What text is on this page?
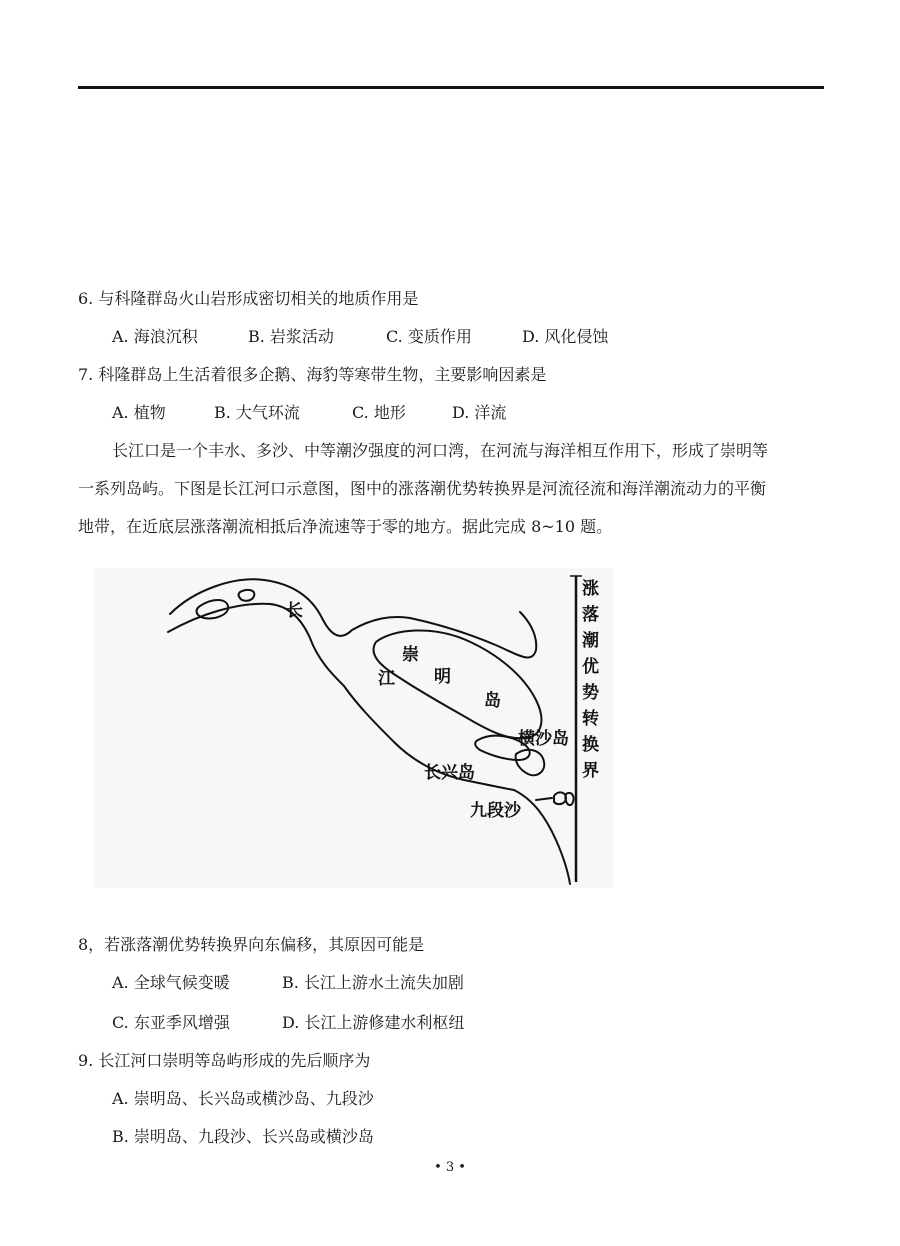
6. 与科隆群岛火山岩形成密切相关的地质作用是
A. 海浪沉积	B. 岩浆活动	C. 变质作用	D. 风化侵蚀
7. 科隆群岛上生活着很多企鹅、海豹等寒带生物，主要影响因素是
A. 植物	B. 大气环流	C. 地形	D. 洋流
长江口是一个丰水、多沙、中等潮汐强度的河口湾，在河流与海洋相互作用下，形成了崇明等
一系列岛屿。下图是长江河口示意图，图中的涨落潮优势转换界是河流径流和海洋潮流动力的平衡
地带，在近底层涨落潮流相抵后净流速等于零的地方。据此完成 8~10 题。
长
江
崇
明
岛
横沙岛
长兴岛
九段沙
涨
落
潮
优
势
转
换
界
8，若涨落潮优势转换界向东偏移，其原因可能是
A. 全球气候变暖	B. 长江上游水土流失加剧
C. 东亚季风增强	D. 长江上游修建水利枢纽
9. 长江河口崇明等岛屿形成的先后顺序为
A. 崇明岛、长兴岛或横沙岛、九段沙
B. 崇明岛、九段沙、长兴岛或横沙岛
• 3 •
